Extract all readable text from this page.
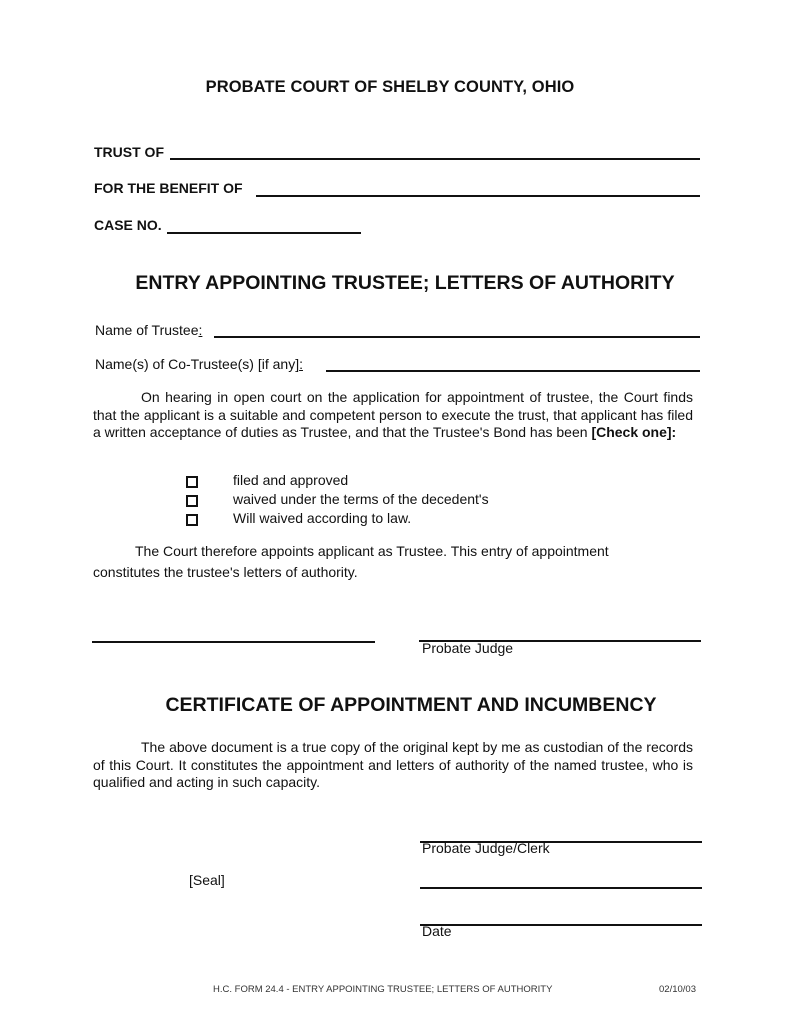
PROBATE COURT OF SHELBY COUNTY, OHIO
TRUST OF
FOR THE BENEFIT OF
CASE NO.
ENTRY APPOINTING TRUSTEE; LETTERS OF AUTHORITY
Name of Trustee:
Name(s) of Co-Trustee(s) [if any]:
On hearing in open court on the application for appointment of trustee, the Court finds that the applicant is a suitable and competent person to execute the trust, that applicant has filed a written acceptance of duties as Trustee, and that the Trustee's Bond has been [Check one]:
filed and approved
waived under the terms of the decedent's
Will waived according to law.
The Court therefore appoints applicant as Trustee. This entry of appointment constitutes the trustee's letters of authority.
Probate Judge
CERTIFICATE OF APPOINTMENT AND INCUMBENCY
The above document is a true copy of the original kept by me as custodian of the records of this Court. It constitutes the appointment and letters of authority of the named trustee, who is qualified and acting in such capacity.
Probate Judge/Clerk
[Seal]
Date
H.C. FORM 24.4 - ENTRY APPOINTING TRUSTEE; LETTERS OF AUTHORITY	02/10/03
